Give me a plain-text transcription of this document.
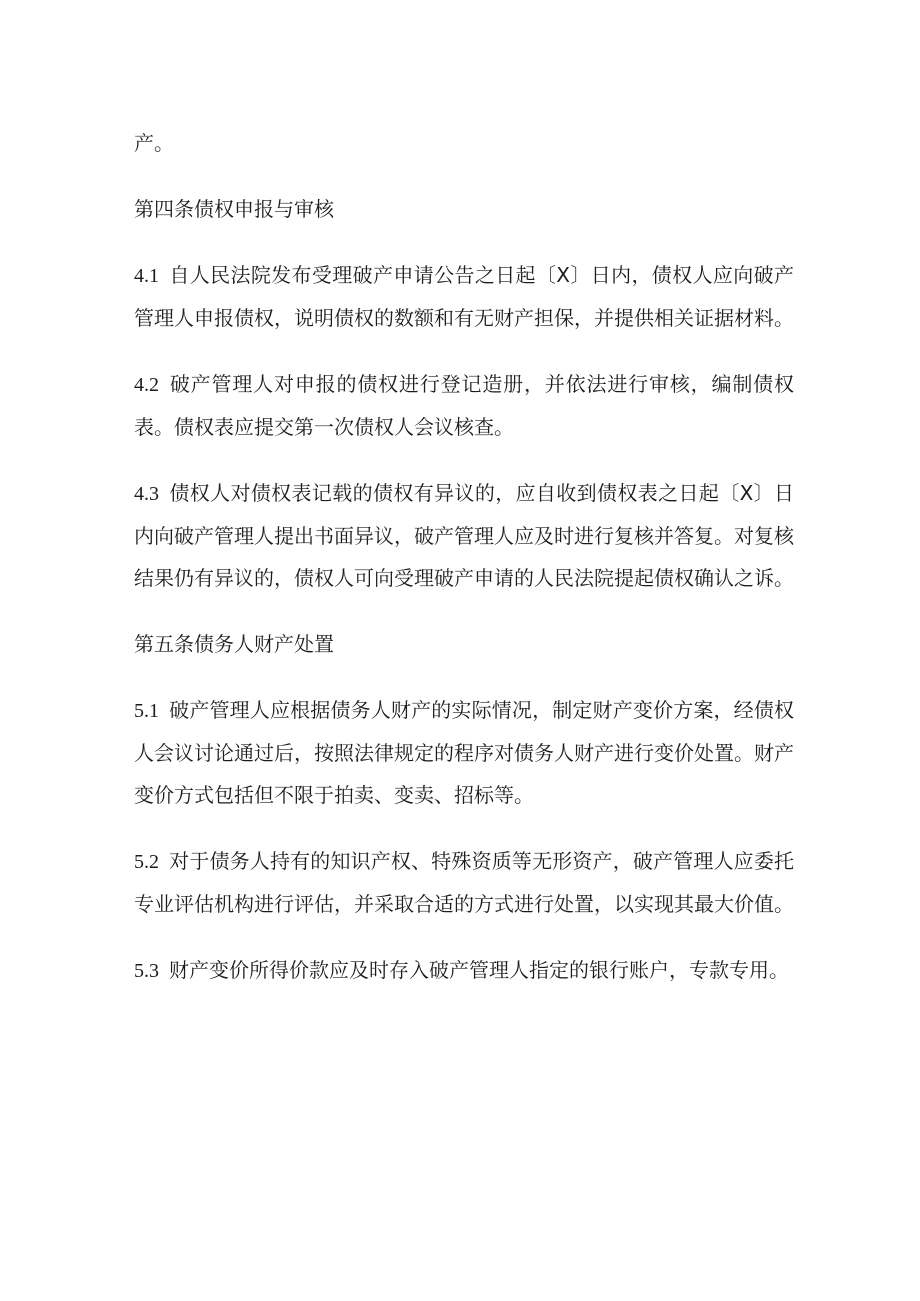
产。

第四条债权申报与审核

4.1 自人民法院发布受理破产申请公告之日起〔X〕日内，债权人应向破产管理人申报债权，说明债权的数额和有无财产担保，并提供相关证据材料。

4.2 破产管理人对申报的债权进行登记造册，并依法进行审核，编制债权表。债权表应提交第一次债权人会议核查。

4.3 债权人对债权表记载的债权有异议的，应自收到债权表之日起〔X〕日内向破产管理人提出书面异议，破产管理人应及时进行复核并答复。对复核结果仍有异议的，债权人可向受理破产申请的人民法院提起债权确认之诉。

第五条债务人财产处置

5.1 破产管理人应根据债务人财产的实际情况，制定财产变价方案，经债权人会议讨论通过后，按照法律规定的程序对债务人财产进行变价处置。财产变价方式包括但不限于拍卖、变卖、招标等。

5.2 对于债务人持有的知识产权、特殊资质等无形资产，破产管理人应委托专业评估机构进行评估，并采取合适的方式进行处置，以实现其最大价值。

5.3 财产变价所得价款应及时存入破产管理人指定的银行账户，专款专用。
